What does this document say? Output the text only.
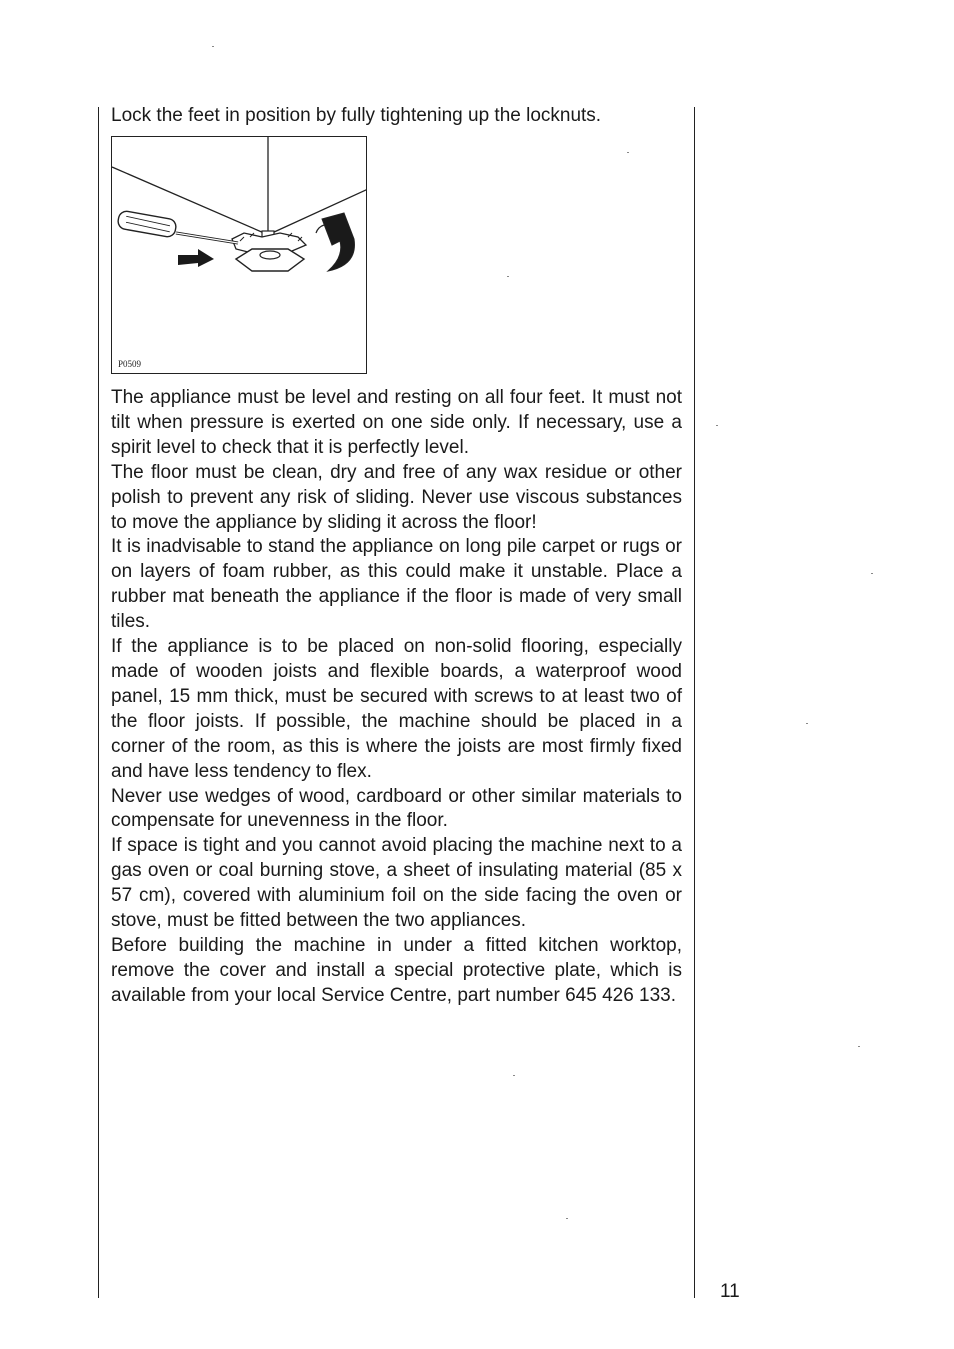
Lock the feet in position by fully tightening up the locknuts.
P0509

The appliance must be level and resting on all four feet. It must not tilt when pressure is exerted on one side only. If necessary, use a spirit level to check that it is perfectly level.

The floor must be clean, dry and free of any wax residue or other polish to prevent any risk of sliding. Never use viscous substances to move the appliance by sliding it across the floor!

It is inadvisable to stand the appliance on long pile carpet or rugs or on layers of foam rubber, as this could make it unstable. Place a rubber mat beneath the appliance if the floor is made of very small tiles.

If the appliance is to be placed on non-solid flooring, especially made of wooden joists and flexible boards, a waterproof wood panel, 15 mm thick, must be secured with screws to at least two of the floor joists. If possible, the machine should be placed in a corner of the room, as this is where the joists are most firmly fixed and have less tendency to flex.

Never use wedges of wood, cardboard or other similar materials to compensate for unevenness in the floor.

If space is tight and you cannot avoid placing the machine next to a gas oven or coal burning stove, a sheet of insulating material (85 x 57 cm), covered with aluminium foil on the side facing the oven or stove, must be fitted between the two appliances.

Before building the machine in under a fitted kitchen worktop, remove the cover and install a special protective plate, which is available from your local Service Centre, part number 645 426 133.

11
